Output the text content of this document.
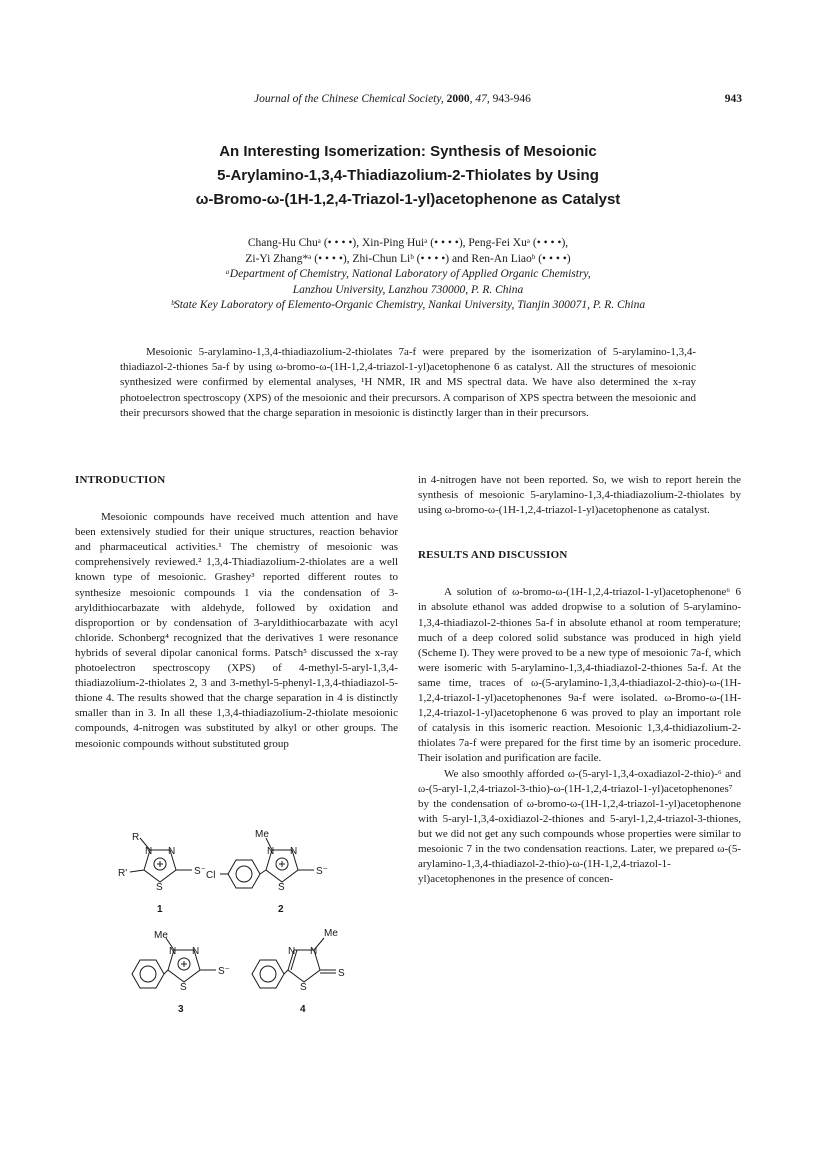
Journal of the Chinese Chemical Society, 2000, 47, 943-946	943
An Interesting Isomerization: Synthesis of Mesoionic
5-Arylamino-1,3,4-Thiadiazolium-2-Thiolates by Using
ω-Bromo-ω-(1H-1,2,4-Triazol-1-yl)acetophenone as Catalyst
Chang-Hu Chuᵃ (• • • •), Xin-Ping Huiᵃ (• • • •), Peng-Fei Xuᵃ (• • • •),
Zi-Yi Zhang*ᵃ (• • • •), Zhi-Chun Liᵇ (• • • •) and Ren-An Liaoᵇ (• • • •)
ᵃDepartment of Chemistry, National Laboratory of Applied Organic Chemistry,
Lanzhou University, Lanzhou 730000, P. R. China
ᵇState Key Laboratory of Elemento-Organic Chemistry, Nankai University, Tianjin 300071, P. R. China
Mesoionic 5-arylamino-1,3,4-thiadiazolium-2-thiolates 7a-f were prepared by the isomerization of 5-arylamino-1,3,4-thiadiazol-2-thiones 5a-f by using ω-bromo-ω-(1H-1,2,4-triazol-1-yl)acetophenone 6 as catalyst. All the structures of mesoionic synthesized were confirmed by elemental analyses, ¹H NMR, IR and MS spectral data. We have also determined the x-ray photoelectron spectroscopy (XPS) of the mesoionic and their precursors. A comparison of XPS spectra between the mesoionic and their precursors showed that the charge separation in mesoionic is distinctly larger than in their precursors.
INTRODUCTION

Mesoionic compounds have received much attention and have been extensively studied for their unique structures, reaction behavior and pharmaceutical activities.¹ The chemistry of mesoionic was comprehensively reviewed.² 1,3,4-Thiadiazolium-2-thiolates are a well known type of mesoionic. Grashey³ reported different routes to synthesize mesoionic compounds 1 via the condensation of 3-aryldithiocarbazate with aldehyde, followed by oxidation and disproportion or by condensation of 3-aryldithiocarbazate with acyl chloride. Schonberg⁴ recognized that the derivatives 1 were resonance hybrids of several dipolar canonical forms. Patsch⁵ discussed the x-ray photoelectron spectroscopy (XPS) of 4-methyl-5-aryl-1,3,4-thiadiazolium-2-thiolates 2, 3 and 3-methyl-5-phenyl-1,3,4-thiadiazol-5-thione 4. The results showed that the charge separation in 4 is distinctly smaller than in 3. In all these 1,3,4-thiadiazolium-2-thiolate mesoionic compounds, 4-nitrogen was substituted by alkyl or other groups. The mesoionic compounds without substituted group

in 4-nitrogen have not been reported. So, we wish to report herein the synthesis of mesoionic 5-arylamino-1,3,4-thiadiazolium-2-thiolates by using ω-bromo-ω-(1H-1,2,4-triazol-1-yl)acetophenone as catalyst.

RESULTS AND DISCUSSION

A solution of ω-bromo-ω-(1H-1,2,4-triazol-1-yl)acetophenone⁶ 6 in absolute ethanol was added dropwise to a solution of 5-arylamino-1,3,4-thiadiazol-2-thiones 5a-f in absolute ethanol at room temperature; much of a deep colored solid substance was produced in high yield (Scheme I). They were proved to be a new type of mesoionic 7a-f, which were isomeric with 5-arylamino-1,3,4-thiadiazol-2-thiones 5a-f. At the same time, traces of ω-(5-arylamino-1,3,4-thiadiazol-2-thio)-ω-(1H-1,2,4-triazol-1-yl)acetophenones 9a-f were isolated. ω-Bromo-ω-(1H-1,2,4-triazol-1-yl)acetophenone 6 was proved to play an important role of catalysis in this isomeric reaction. Mesoionic 1,3,4-thidiazolium-2-thiolates 7a-f were prepared for the first time by an isomeric procedure. Their isolation and purification are facile.

We also smoothly afforded ω-(5-aryl-1,3,4-oxadiazol-2-thio)-⁶ and ω-(5-aryl-1,2,4-triazol-3-thio)-ω-(1H-1,2,4-triazol-1-yl)acetophenones⁷ by the condensation of ω-bromo-ω-(1H-1,2,4-triazol-1-yl)acetophenone with 5-aryl-1,3,4-oxidiazol-2-thiones and 5-aryl-1,2,4-triazol-3-thiones, but we did not get any such compounds whose properties were similar to mesoionic 7 in the two condensation reactions. Later, we prepared ω-(5-arylamino-1,3,4-thiadiazol-2-thio)-ω-(1H-1,2,4-triazol-1-yl)acetophenones in the presence of concen-

R
N N
R'
S
S⁻
1
Me
N N
Cl
S
S⁻
2
Me
N N
S
S⁻
3
Me
N N
S
S
4
